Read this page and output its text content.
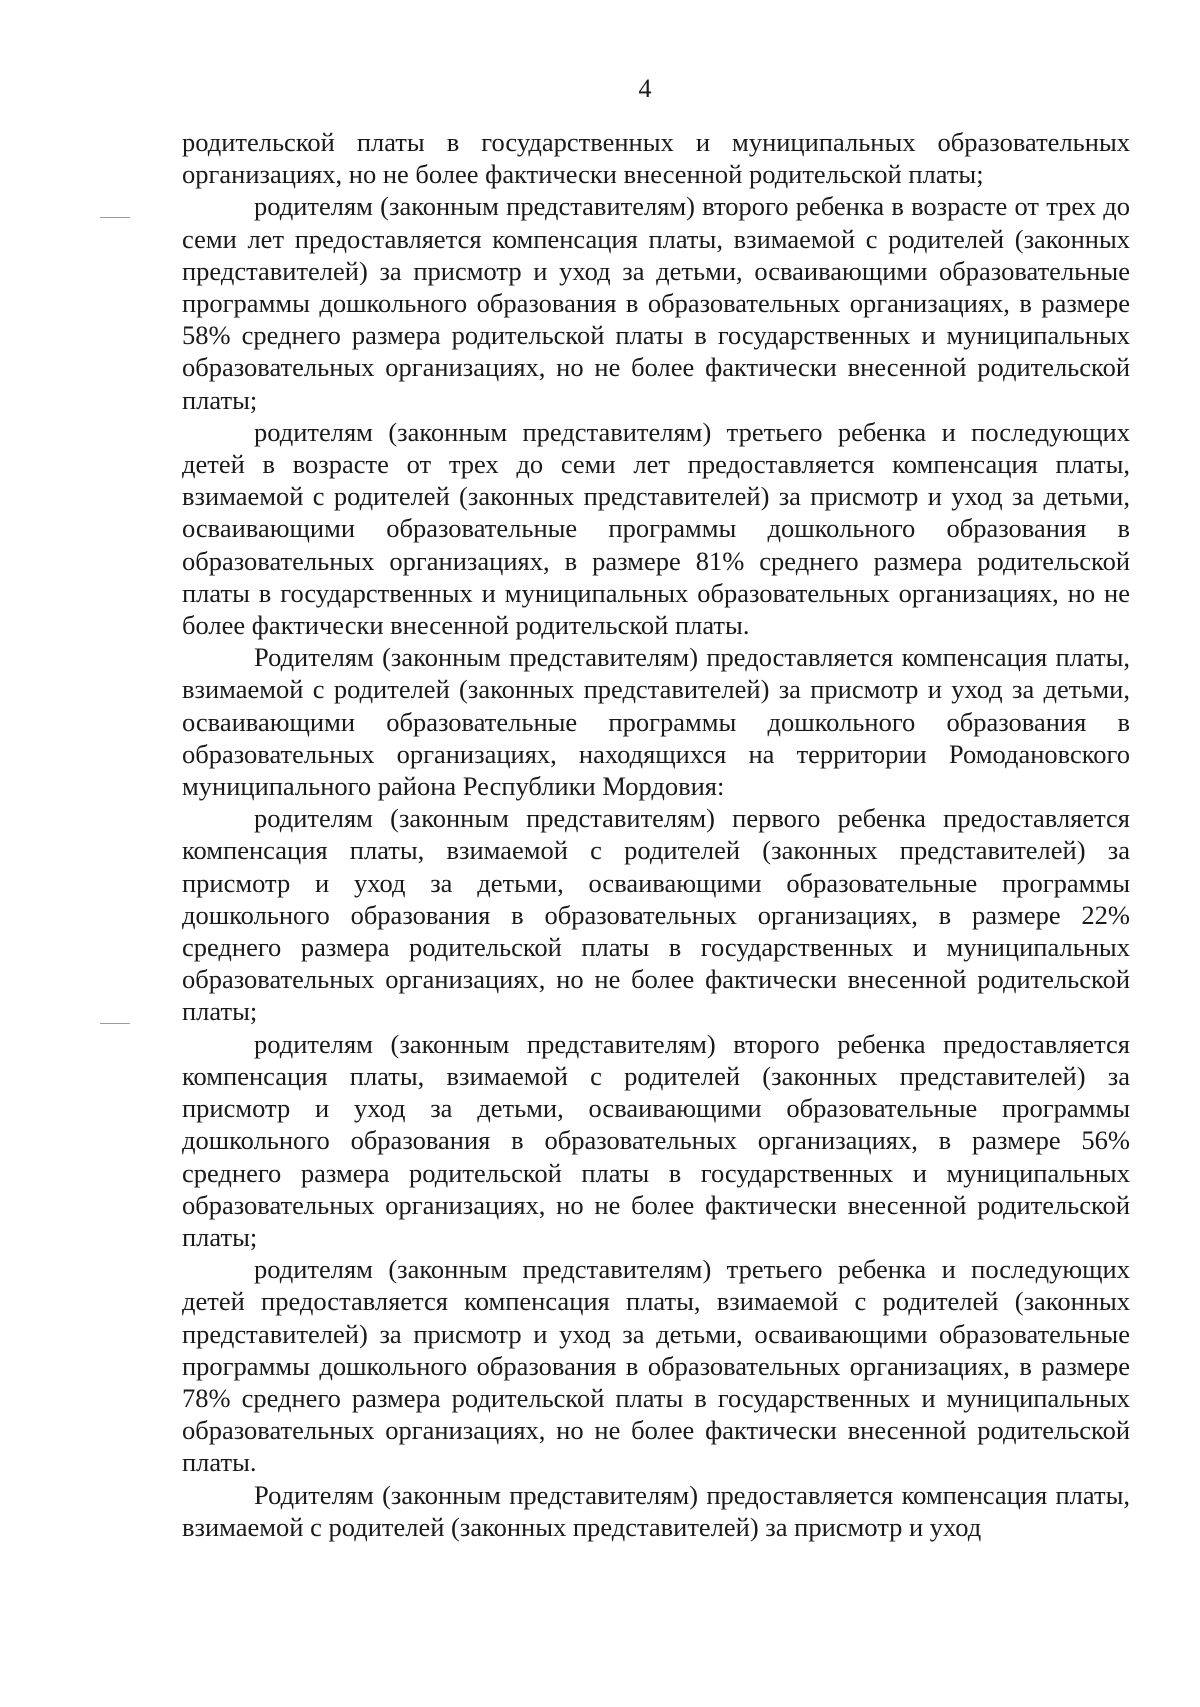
4

родительской платы в государственных и муниципальных образовательных организациях, но не более фактически внесенной родительской платы;

родителям (законным представителям) второго ребенка в возрасте от трех до семи лет предоставляется компенсация платы, взимаемой с родителей (законных представителей) за присмотр и уход за детьми, осваивающими образовательные программы дошкольного образования в образовательных организациях, в размере 58% среднего размера родительской платы в государственных и муниципальных образовательных организациях, но не более фактически внесенной родительской платы;

родителям (законным представителям) третьего ребенка и последующих детей в возрасте от трех до семи лет предоставляется компенсация платы, взимаемой с родителей (законных представителей) за присмотр и уход за детьми, осваивающими образовательные программы дошкольного образования в образовательных организациях, в размере 81% среднего размера родительской платы в государственных и муниципальных образовательных организациях, но не более фактически внесенной родительской платы.

Родителям (законным представителям) предоставляется компенсация платы, взимаемой с родителей (законных представителей) за присмотр и уход за детьми, осваивающими образовательные программы дошкольного образования в образовательных организациях, находящихся на территории Ромодановского муниципального района Республики Мордовия:

родителям (законным представителям) первого ребенка предоставляется компенсация платы, взимаемой с родителей (законных представителей) за присмотр и уход за детьми, осваивающими образовательные программы дошкольного образования в образовательных организациях, в размере 22% среднего размера родительской платы в государственных и муниципальных образовательных организациях, но не более фактически внесенной родительской платы;

родителям (законным представителям) второго ребенка предоставляется компенсация платы, взимаемой с родителей (законных представителей) за присмотр и уход за детьми, осваивающими образовательные программы дошкольного образования в образовательных организациях, в размере 56% среднего размера родительской платы в государственных и муниципальных образовательных организациях, но не более фактически внесенной родительской платы;

родителям (законным представителям) третьего ребенка и последующих детей предоставляется компенсация платы, взимаемой с родителей (законных представителей) за присмотр и уход за детьми, осваивающими образовательные программы дошкольного образования в образовательных организациях, в размере 78% среднего размера родительской платы в государственных и муниципальных образовательных организациях, но не более фактически внесенной родительской платы.

Родителям (законным представителям) предоставляется компенсация платы, взимаемой с родителей (законных представителей) за присмотр и уход
